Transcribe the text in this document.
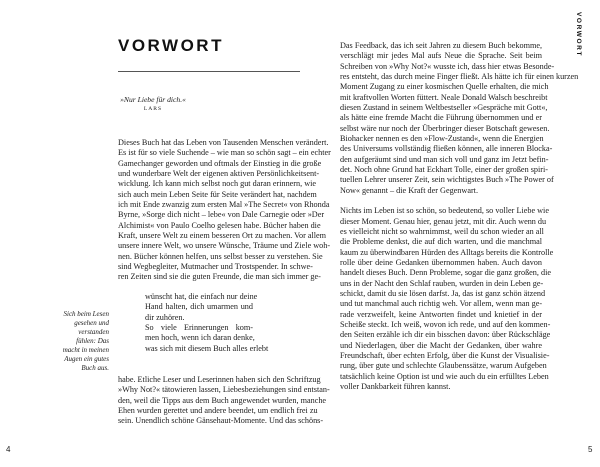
VORWORT
»Nur Liebe für dich.«
LARS
Dieses Buch hat das Leben von Tausenden Menschen verändert.
Es ist für so viele Suchende – wie man so schön sagt – ein echter
Gamechanger geworden und oftmals der Einstieg in die große
und wunderbare Welt der eigenen aktiven Persönlichkeitsent-
wicklung. Ich kann mich selbst noch gut daran erinnern, wie
sich auch mein Leben Seite für Seite verändert hat, nachdem
ich mit Ende zwanzig zum ersten Mal »The Secret« von Rhonda
Byrne, »Sorge dich nicht – lebe« von Dale Carnegie oder »Der
Alchimist« von Paulo Coelho gelesen habe. Bücher haben die
Kraft, unsere Welt zu einem besseren Ort zu machen. Vor allem
unsere innere Welt, wo unsere Wünsche, Träume und Ziele woh-
nen. Bücher können helfen, uns selbst besser zu verstehen. Sie
sind Wegbegleiter, Mutmacher und Trostspender. In schwe-
ren Zeiten sind sie die guten Freunde, die man sich immer ge-
wünscht hat, die einfach nur deine
Hand halten, dich umarmen und
dir zuhören.
So viele Erinnerungen kom-
men hoch, wenn ich daran denke,
was sich mit diesem Buch alles erlebt
habe. Etliche Leser und Leserinnen haben sich den Schriftzug
»Why Not?« tätowieren lassen, Liebesbeziehungen sind entstan-
den, weil die Tipps aus dem Buch angewendet wurden, manche
Ehen wurden gerettet und andere beendet, um endlich frei zu
sein. Unendlich schöne Gänsehaut-Momente. Und das schöns-
Sich beim Lesen gesehen und verstanden fühlen: Das macht in meinen Augen ein gutes Buch aus.
4
Das Feedback, das ich seit Jahren zu diesem Buch bekomme,
verschlägt mir jedes Mal aufs Neue die Sprache. Seit beim
Schreiben von »Why Not?« wusste ich, dass hier etwas Besonde-
res entsteht, das durch meine Finger fließt. Als hätte ich für einen kurzen
Moment Zugang zu einer kosmischen Quelle erhalten, die mich
mit kraftvollen Worten füttert. Neale Donald Walsch beschreibt
diesen Zustand in seinem Weltbestseller »Gespräche mit Gott«,
als hätte eine fremde Macht die Führung übernommen und er
selbst wäre nur noch der Überbringer dieser Botschaft gewesen.
Biohacker nennen es den »Flow-Zustand«, wenn die Energien
des Universums vollständig fließen können, alle inneren Blocka-
den aufgeräumt sind und man sich voll und ganz im Jetzt befin-
det. Noch ohne Grund hat Eckhart Tolle, einer der großen spiri-
tuellen Lehrer unserer Zeit, sein wichtigstes Buch »The Power of
Now« genannt – die Kraft der Gegenwart.
Nichts im Leben ist so schön, so bedeutend, so voller Liebe wie
dieser Moment. Genau hier, genau jetzt, mit dir. Auch wenn du
es vielleicht nicht so wahrnimmst, weil du schon wieder an all
die Probleme denkst, die auf dich warten, und die manchmal
kaum zu überwindbaren Hürden des Alltags bereits die Kontrolle
rolle über deine Gedanken übernommen haben. Auch davon
handelt dieses Buch. Denn Probleme, sogar die ganz großen, die
uns in der Nacht den Schlaf rauben, wurden in dein Leben ge-
schickt, damit du sie lösen darfst. Ja, das ist ganz schön ätzend
und tut manchmal auch richtig weh. Vor allem, wenn man ge-
rade verzweifelt, keine Antworten findet und knietief in der
Scheiße steckt. Ich weiß, wovon ich rede, und auf den kommen-
den Seiten erzähle ich dir ein bisschen davon: über Rückschläge
und Niederlagen, über die Macht der Gedanken, über wahre
Freundschaft, über echten Erfolg, über die Kunst der Visualisie-
rung, über gute und schlechte Glaubenssätze, warum Aufgeben
tatsächlich keine Option ist und wie auch du ein erfülltes Leben
voller Dankbarkeit führen kannst.
VORWORT
5
